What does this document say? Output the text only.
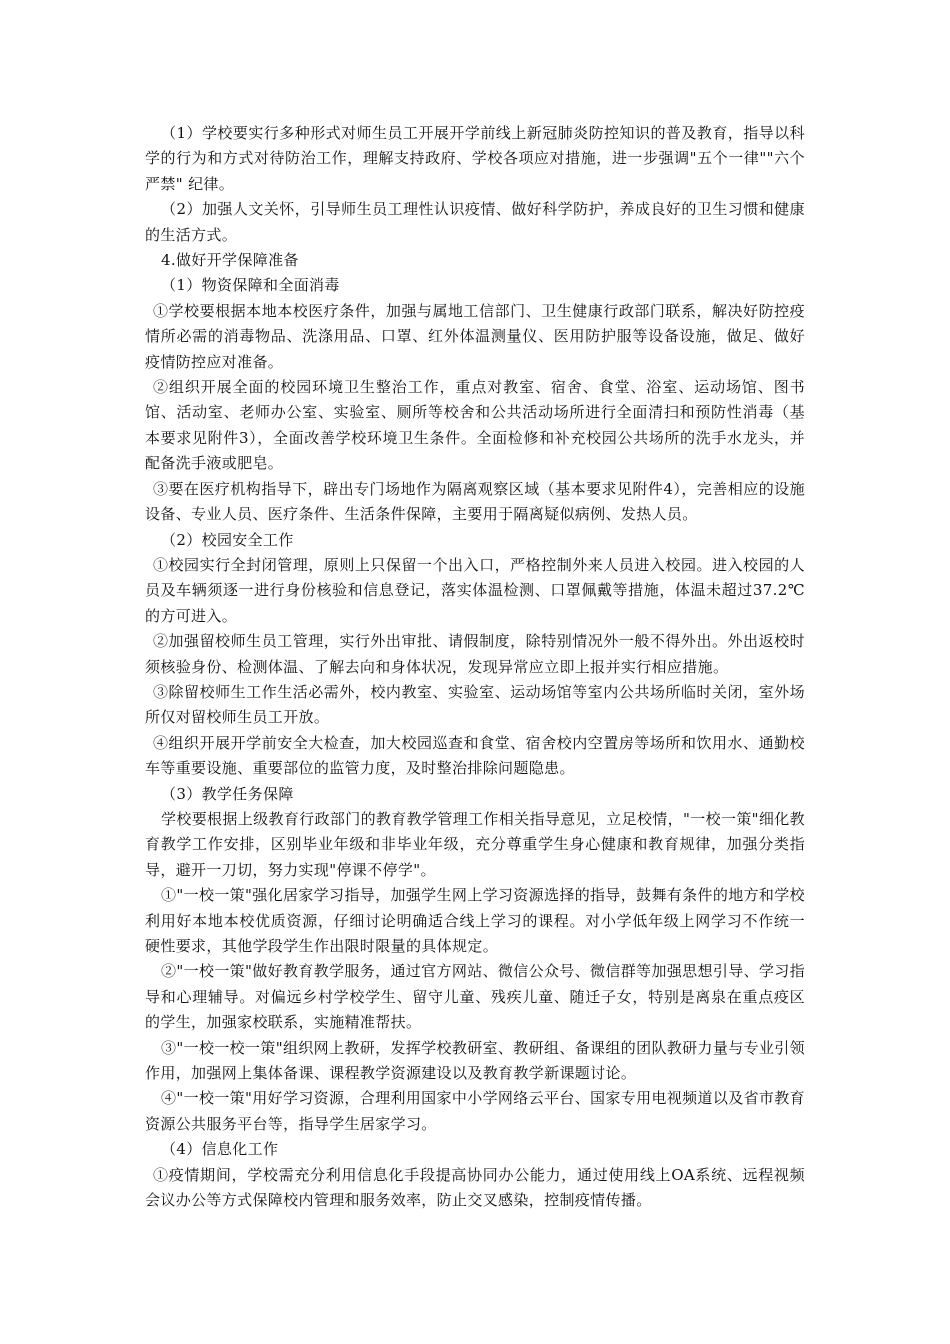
（1）学校要实行多种形式对师生员工开展开学前线上新冠肺炎防控知识的普及教育，指导以科学的行为和方式对待防治工作，理解支持政府、学校各项应对措施，进一步强调"五个一律""六个严禁" 纪律。

（2）加强人文关怀，引导师生员工理性认识疫情、做好科学防护，养成良好的卫生习惯和健康的生活方式。

4.做好开学保障准备

（1）物资保障和全面消毒

①学校要根据本地本校医疗条件，加强与属地工信部门、卫生健康行政部门联系，解决好防控疫情所必需的消毒物品、洗涤用品、口罩、红外体温测量仪、医用防护服等设备设施，做足、做好疫情防控应对准备。

②组织开展全面的校园环境卫生整治工作，重点对教室、宿舍、食堂、浴室、运动场馆、图书馆、活动室、老师办公室、实验室、厕所等校舍和公共活动场所进行全面清扫和预防性消毒（基本要求见附件3），全面改善学校环境卫生条件。全面检修和补充校园公共场所的洗手水龙头，并配备洗手液或肥皂。

③要在医疗机构指导下，辟出专门场地作为隔离观察区域（基本要求见附件4），完善相应的设施设备、专业人员、医疗条件、生活条件保障，主要用于隔离疑似病例、发热人员。

（2）校园安全工作

①校园实行全封闭管理，原则上只保留一个出入口，严格控制外来人员进入校园。进入校园的人员及车辆须逐一进行身份核验和信息登记，落实体温检测、口罩佩戴等措施，体温未超过37.2℃的方可进入。

②加强留校师生员工管理，实行外出审批、请假制度，除特别情况外一般不得外出。外出返校时须核验身份、检测体温、了解去向和身体状况，发现异常应立即上报并实行相应措施。

③除留校师生工作生活必需外，校内教室、实验室、运动场馆等室内公共场所临时关闭，室外场所仅对留校师生员工开放。

④组织开展开学前安全大检查，加大校园巡查和食堂、宿舍校内空置房等场所和饮用水、通勤校车等重要设施、重要部位的监管力度，及时整治排除问题隐患。

（3）教学任务保障

学校要根据上级教育行政部门的教育教学管理工作相关指导意见，立足校情，"一校一策"细化教育教学工作安排，区别毕业年级和非毕业年级，充分尊重学生身心健康和教育规律，加强分类指导，避开一刀切，努力实现"停课不停学"。

①"一校一策"强化居家学习指导，加强学生网上学习资源选择的指导，鼓舞有条件的地方和学校利用好本地本校优质资源，仔细讨论明确适合线上学习的课程。对小学低年级上网学习不作统一硬性要求，其他学段学生作出限时限量的具体规定。

②"一校一策"做好教育教学服务，通过官方网站、微信公众号、微信群等加强思想引导、学习指导和心理辅导。对偏远乡村学校学生、留守儿童、残疾儿童、随迁子女，特别是离泉在重点疫区的学生，加强家校联系，实施精准帮扶。

③"一校一校一策"组织网上教研，发挥学校教研室、教研组、备课组的团队教研力量与专业引领作用，加强网上集体备课、课程教学资源建设以及教育教学新课题讨论。

④"一校一策"用好学习资源，合理利用国家中小学网络云平台、国家专用电视频道以及省市教育资源公共服务平台等，指导学生居家学习。

（4）信息化工作

①疫情期间，学校需充分利用信息化手段提高协同办公能力，通过使用线上OA系统、远程视频会议办公等方式保障校内管理和服务效率，防止交叉感染，控制疫情传播。
